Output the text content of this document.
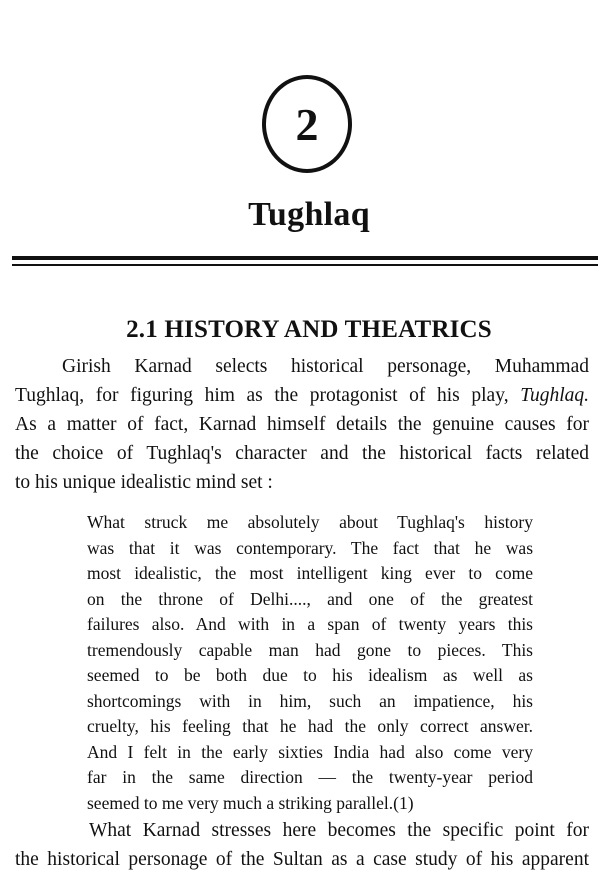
2
Tughlaq
2.1 HISTORY AND THEATRICS

Girish Karnad selects historical personage, Muhammad
Tughlaq, for figuring him as the protagonist of his play, Tughlaq.
As a matter of fact, Karnad himself details the genuine causes for
the choice of Tughlaq's character and the historical facts related
to his unique idealistic mind set :

What struck me absolutely about Tughlaq's history
was that it was contemporary. The fact that he was
most idealistic, the most intelligent king ever to come
on the throne of Delhi...., and one of the greatest
failures also. And with in a span of twenty years this
tremendously capable man had gone to pieces. This
seemed to be both due to his idealism as well as
shortcomings with in him, such an impatience, his
cruelty, his feeling that he had the only correct answer.
And I felt in the early sixties India had also come very
far in the same direction — the twenty-year period
seemed to me very much a striking parallel.(1)

What Karnad stresses here becomes the specific point for
the historical personage of the Sultan as a case study of his apparent
